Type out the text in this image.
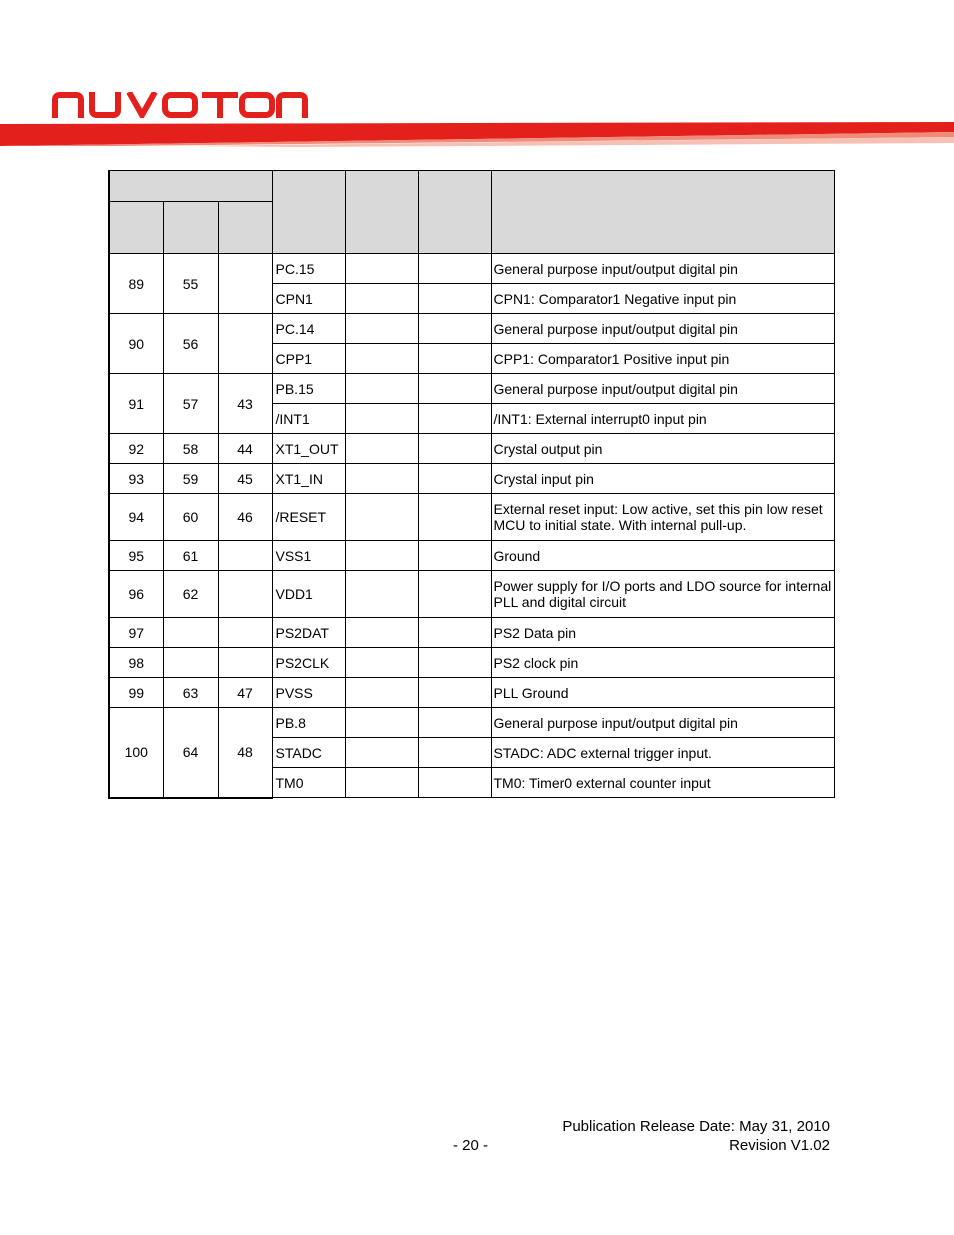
89	55		PC.15			General purpose input/output digital pin
			CPN1			CPN1: Comparator1 Negative input pin
90	56		PC.14			General purpose input/output digital pin
			CPP1			CPP1: Comparator1 Positive input pin
91	57	43	PB.15			General purpose input/output digital pin
			/INT1			/INT1: External interrupt0 input pin
92	58	44	XT1_OUT			Crystal output pin
93	59	45	XT1_IN			Crystal input pin
94	60	46	/RESET			External reset input: Low active, set this pin low reset MCU to initial state. With internal pull-up.
95	61		VSS1			Ground
96	62		VDD1			Power supply for I/O ports and LDO source for internal PLL and digital circuit
97			PS2DAT			PS2 Data pin
98			PS2CLK			PS2 clock pin
99	63	47	PVSS			PLL Ground
100	64	48	PB.8			General purpose input/output digital pin
			STADC			STADC: ADC external trigger input.
			TM0			TM0: Timer0 external counter input
Publication Release Date: May 31, 2010
- 20 -	Revision V1.02
